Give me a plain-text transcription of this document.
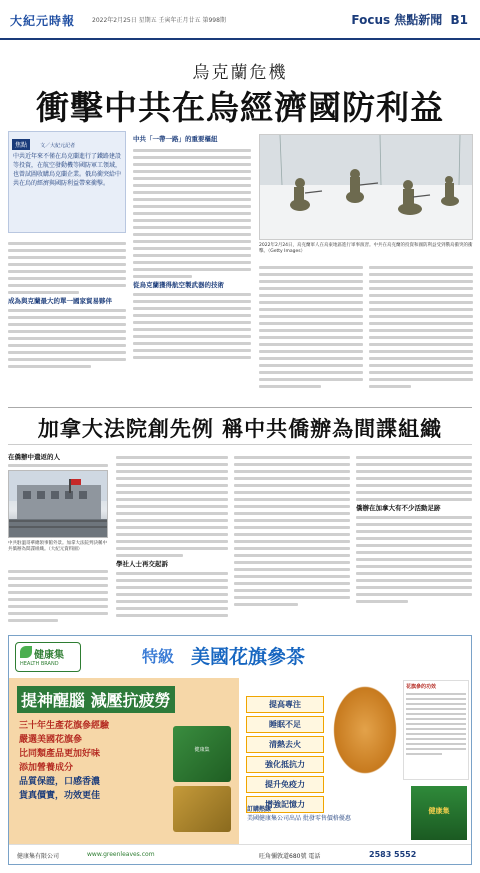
大紀元時報	2022年2月25日 星期五 壬寅年正月廿五 第998期	Focus 焦點新聞 B1
烏克蘭危機
衝擊中共在烏經濟國防利益
焦點	文／大紀元記者
中共近年來不僅在烏克蘭進行了鐵路建設等投資，在航空發動機等國防軍工領域，也曾試圖收購烏克蘭企業。俄烏衝突給中共在烏的經濟與國防利益帶來衝擊。
成為與克蘭最大的單一國家貿易夥伴
中共「一帶一路」的重要樞紐
從烏克蘭獲得航空製武器的技術
2022年2月24日，烏克蘭軍人在烏東地區進行軍事演習。中共在烏克蘭的投資和國防利益受到俄烏衝突的衝擊。（Getty Images）
加拿大法院創先例 稱中共僑辦為間諜組織
在僑辦中遣返的人
中共駐溫哥華總領事館外景。加拿大法院判決稱中共僑辦為間諜組織。（大紀元資料圖）
學社人士再交起訴
僑辦在加拿大有不少活動足跡
健康集
HEALTH BRAND	特級 美國花旗參茶
提神醒腦 減壓抗疲勞
三十年生產花旗參經驗
嚴選美國花旗參
比同類產品更加好味
添加營養成分
品質保證，口感香濃
貨真價實，功效更佳
健康集
提高專注
睡眠不足
清熱去火
強化抵抗力
提升免疫力
增強記憶力
花旗參的功效
訂購熱線
美國健康集公司出品 批發零售價格優惠
健康集
健康集有限公司	www.greenleaves.com	旺角彌敦道680號 電話	2583 5552
